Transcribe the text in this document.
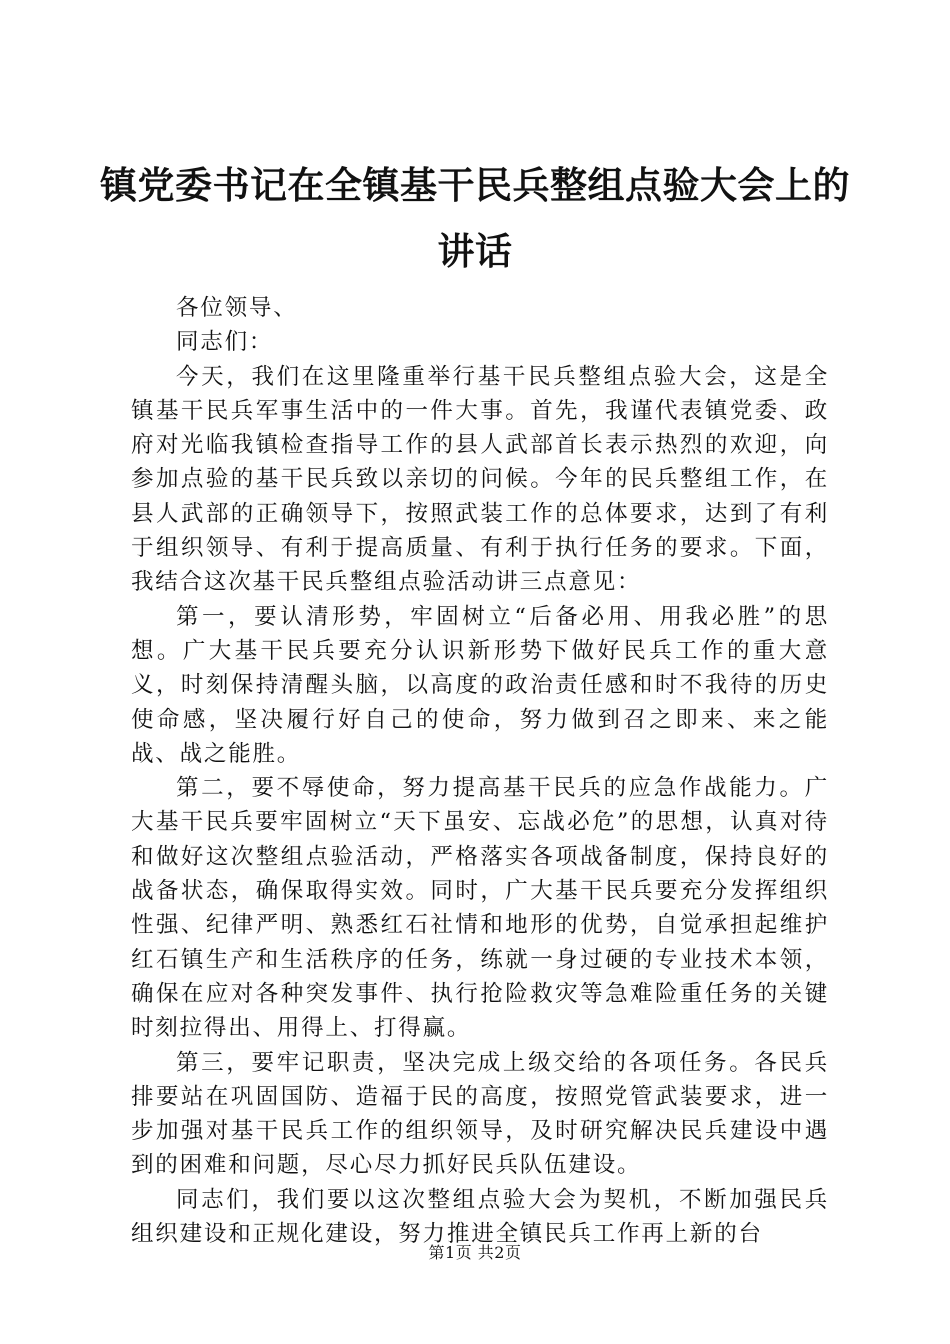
镇党委书记在全镇基干民兵整组点验大会上的
讲话

各位领导、

同志们：

今天，我们在这里隆重举行基干民兵整组点验大会，这是全镇基干民兵军事生活中的一件大事。首先，我谨代表镇党委、政府对光临我镇检查指导工作的县人武部首长表示热烈的欢迎，向参加点验的基干民兵致以亲切的问候。今年的民兵整组工作，在县人武部的正确领导下，按照武装工作的总体要求，达到了有利于组织领导、有利于提高质量、有利于执行任务的要求。下面，我结合这次基干民兵整组点验活动讲三点意见：

第一，要认清形势，牢固树立“后备必用、用我必胜”的思想。广大基干民兵要充分认识新形势下做好民兵工作的重大意义，时刻保持清醒头脑，以高度的政治责任感和时不我待的历史使命感，坚决履行好自己的使命，努力做到召之即来、来之能战、战之能胜。

第二，要不辱使命，努力提高基干民兵的应急作战能力。广大基干民兵要牢固树立“天下虽安、忘战必危”的思想，认真对待和做好这次整组点验活动，严格落实各项战备制度，保持良好的战备状态，确保取得实效。同时，广大基干民兵要充分发挥组织性强、纪律严明、熟悉红石社情和地形的优势，自觉承担起维护红石镇生产和生活秩序的任务，练就一身过硬的专业技术本领，确保在应对各种突发事件、执行抢险救灾等急难险重任务的关键时刻拉得出、用得上、打得赢。

第三，要牢记职责，坚决完成上级交给的各项任务。各民兵排要站在巩固国防、造福于民的高度，按照党管武装要求，进一步加强对基干民兵工作的组织领导，及时研究解决民兵建设中遇到的困难和问题，尽心尽力抓好民兵队伍建设。

同志们，我们要以这次整组点验大会为契机，不断加强民兵组织建设和正规化建设，努力推进全镇民兵工作再上新的台

第1页 共2页
